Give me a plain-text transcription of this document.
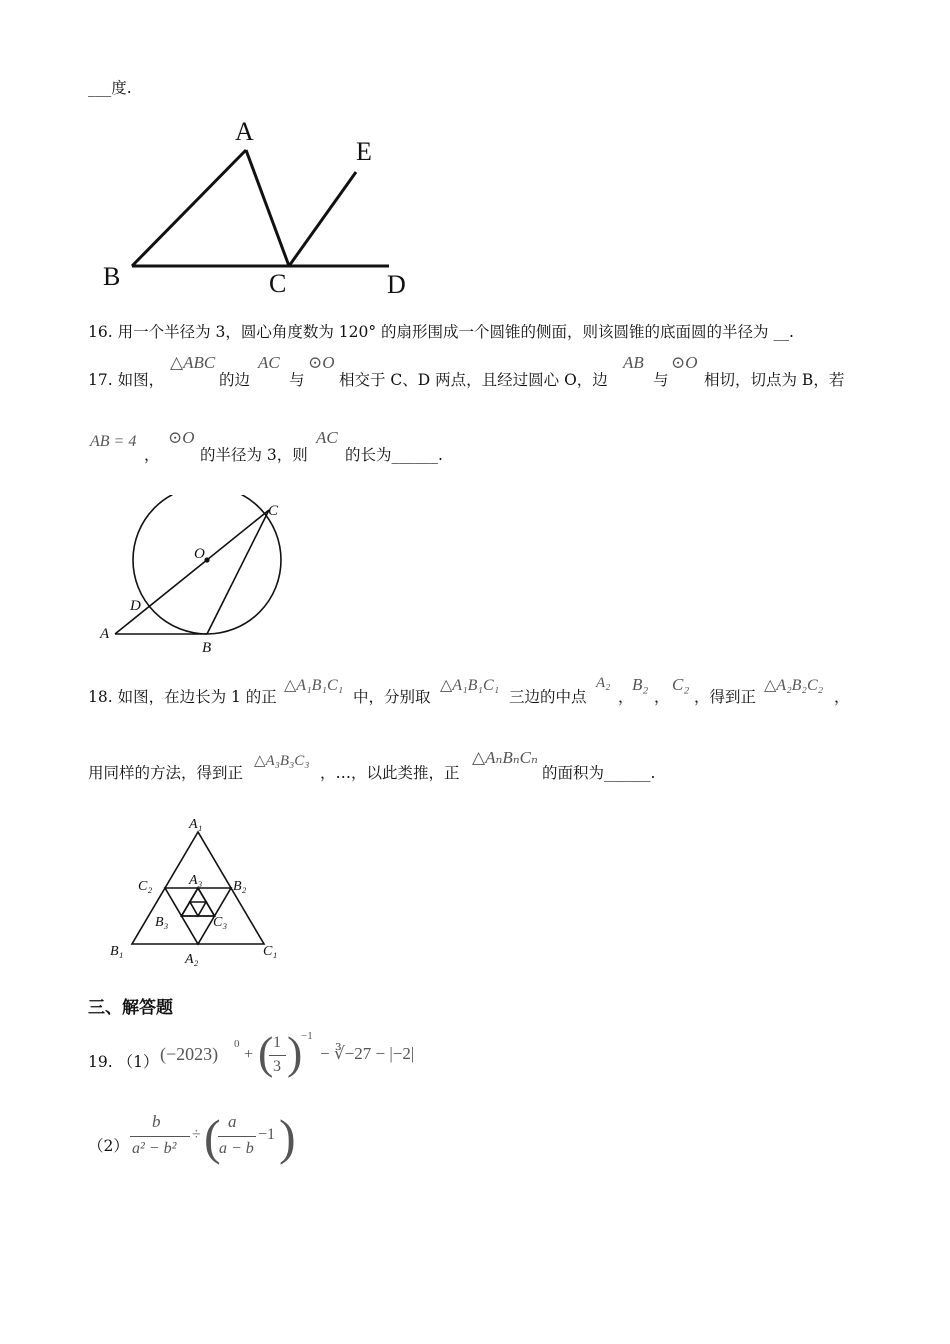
___度.
A
B	C	D
E
16. 用一个半径为 3，圆心角度数为 120° 的扇形围成一个圆锥的侧面，则该圆锥的底面圆的半径为 __.
17. 如图，
△ABC
的边
AC
与
⊙O
相交于 C、D 两点，且经过圆心 O，边
AB
与
⊙O
相切，切点为 B，若
AB = 4
，
⊙O
的半径为 3，则
AC
的长为______.
C
O
D
A
B
18. 如图，在边长为 1 的正
△A₁B₁C₁
中，分别取
△A₁B₁C₁
三边的中点
A₂
，
B₂
，
C₂
，得到正
△A₂B₂C₂
，
用同样的方法，得到正
△A₃B₃C₃
，…，以此类推，正
△AₙBₙCₙ
的面积为______.
A₁
C₂	A₃ B₂
B₃	C₃
B₁
A₂
C₁
三、解答题
19. （1） (−2023) 0
+ ( 1
3 )
−1
− ∛−27 − |−2|
（2）
b
a² − b²
÷ ( a
a − b
−1 )
